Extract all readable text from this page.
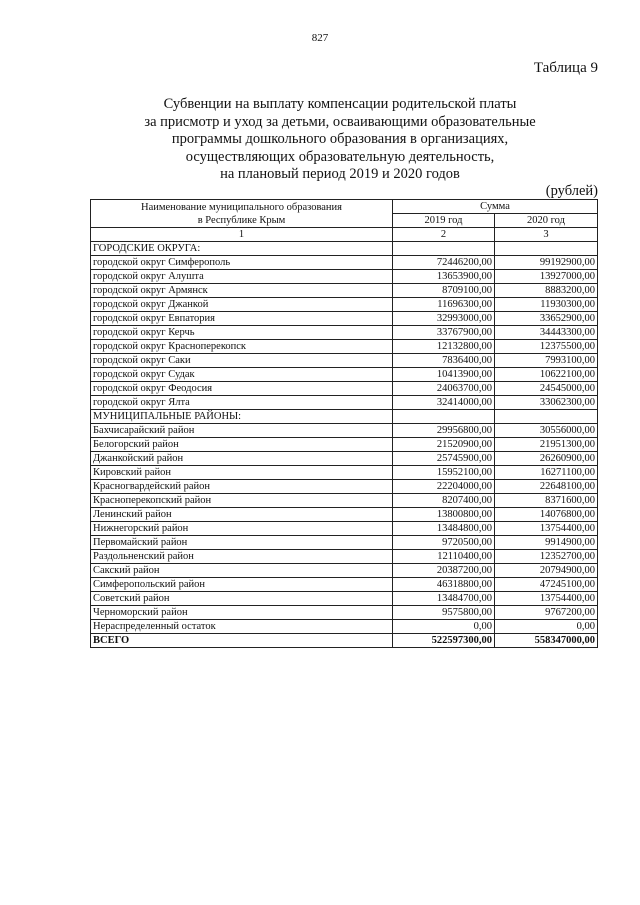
827
Таблица 9
Субвенции на выплату компенсации родительской платы
за присмотр и уход за детьми, осваивающими образовательные
программы дошкольного образования в организациях,
осуществляющих образовательную деятельность,
на плановый период 2019 и 2020 годов
(рублей)
Наименование муниципального образования
в Республике Крым	Сумма	
	2019 год	2020 год
1	2	3
ГОРОДСКИЕ ОКРУГА:		
городской округ Симферополь	72446200,00	99192900,00
городской округ Алушта	13653900,00	13927000,00
городской округ Армянск	8709100,00	8883200,00
городской округ Джанкой	11696300,00	11930300,00
городской округ Евпатория	32993000,00	33652900,00
городской округ Керчь	33767900,00	34443300,00
городской округ Красноперекопск	12132800,00	12375500,00
городской округ Саки	7836400,00	7993100,00
городской округ Судак	10413900,00	10622100,00
городской округ Феодосия	24063700,00	24545000,00
городской округ Ялта	32414000,00	33062300,00
МУНИЦИПАЛЬНЫЕ РАЙОНЫ:		
Бахчисарайский район	29956800,00	30556000,00
Белогорский район	21520900,00	21951300,00
Джанкойский район	25745900,00	26260900,00
Кировский район	15952100,00	16271100,00
Красногвардейский район	22204000,00	22648100,00
Красноперекопский район	8207400,00	8371600,00
Ленинский район	13800800,00	14076800,00
Нижнегорский район	13484800,00	13754400,00
Первомайский район	9720500,00	9914900,00
Раздольненский район	12110400,00	12352700,00
Сакский район	20387200,00	20794900,00
Симферопольский район	46318800,00	47245100,00
Советский район	13484700,00	13754400,00
Черноморский район	9575800,00	9767200,00
Нераспределенный остаток	0,00	0,00
ВСЕГО	522597300,00	558347000,00
